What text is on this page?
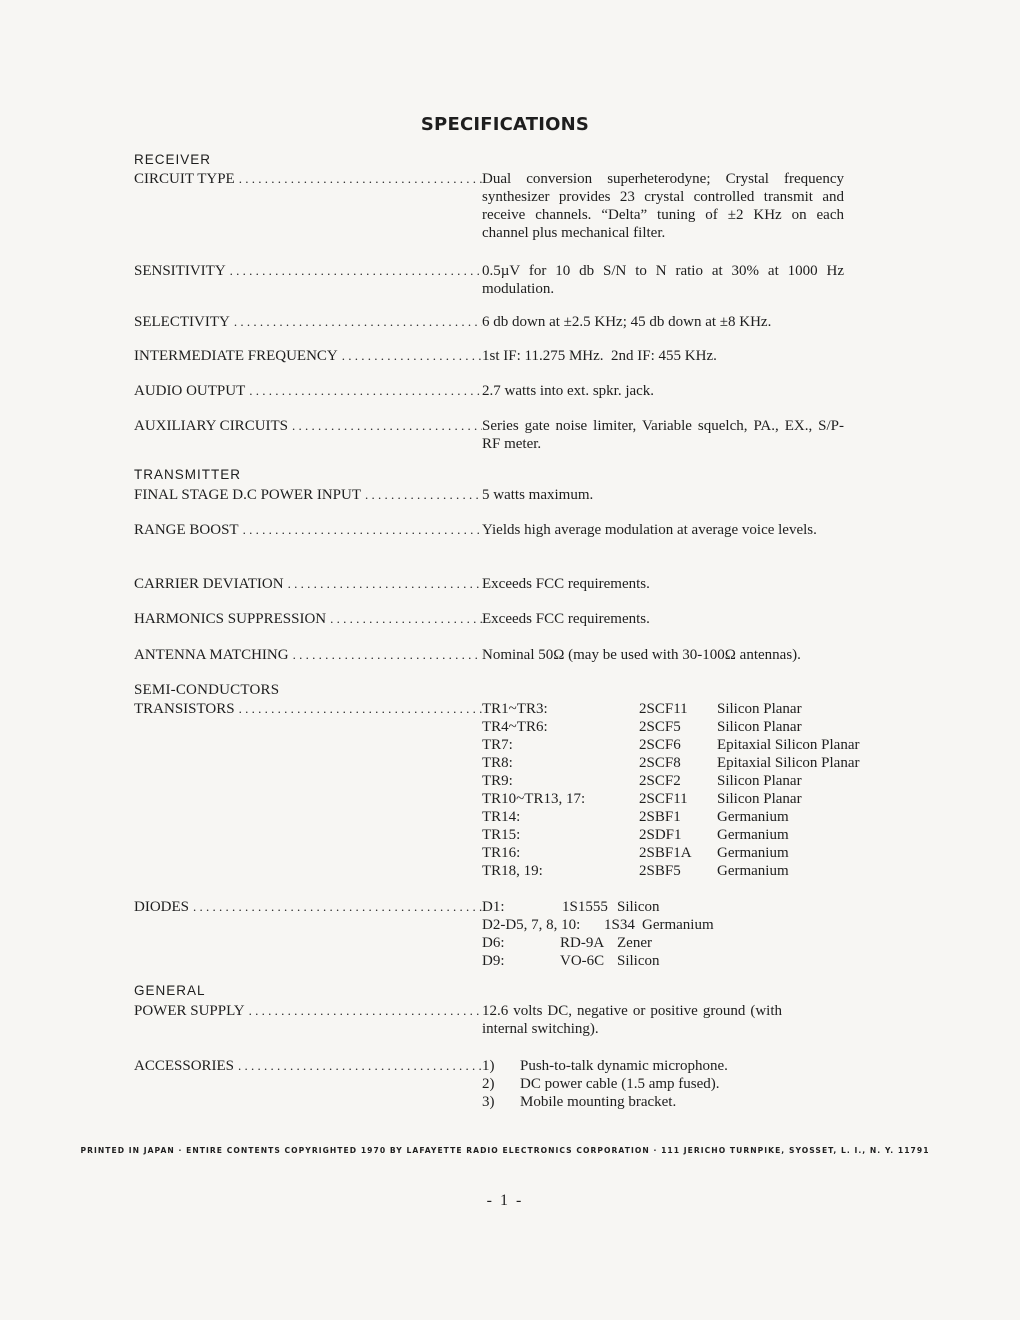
SPECIFICATIONS
RECEIVER
CIRCUIT TYPE . . .	Dual conversion superheterodyne; Crystal frequency synthesizer provides 23 crystal controlled transmit and receive channels. “Delta” tuning of ±2 KHz on each channel plus mechanical filter.
SENSITIVITY . . .	0.5µV for 10 db S/N to N ratio at 30% at 1000 Hz modulation.
SELECTIVITY . . .	6 db down at ±2.5 KHz; 45 db down at ±8 KHz.
INTERMEDIATE FREQUENCY . . .	1st IF: 11.275 MHz.  2nd IF: 455 KHz.
AUDIO OUTPUT . . .	2.7 watts into ext. spkr. jack.
AUXILIARY CIRCUITS . . .	Series gate noise limiter, Variable squelch, PA., EX., S/P-RF meter.
TRANSMITTER
FINAL STAGE D.C POWER INPUT . . .	5 watts maximum.
RANGE BOOST . . .	Yields high average modulation at average voice levels.
CARRIER DEVIATION . . .	Exceeds FCC requirements.
HARMONICS SUPPRESSION . . .	Exceeds FCC requirements.
ANTENNA MATCHING . . .	Nominal 50Ω (may be used with 30-100Ω antennas).
SEMI-CONDUCTORS
TRANSISTORS . . .	TR1~TR3:	2SCF11 Silicon Planar
TR4~TR6:	2SCF5 Silicon Planar
TR7:	2SCF6 Epitaxial Silicon Planar
TR8:	2SCF8 Epitaxial Silicon Planar
TR9:	2SCF2 Silicon Planar
TR10~TR13, 17:	2SCF11 Silicon Planar
TR14:	2SBF1 Germanium
TR15:	2SDF1 Germanium
TR16:	2SBF1A Germanium
TR18, 19:	2SBF5 Germanium
DIODES . . .	D1:	1S1555 Silicon
D2-D5, 7, 8, 10: 1S34 Germanium
D6:	RD-9A Zener
D9:	VO-6C Silicon
GENERAL
POWER SUPPLY . . .	12.6 volts DC, negative or positive ground (with internal switching).
ACCESSORIES . . .	1) Push-to-talk dynamic microphone.
2) DC power cable (1.5 amp fused).
3) Mobile mounting bracket.
PRINTED IN JAPAN · ENTIRE CONTENTS COPYRIGHTED 1970 BY LAFAYETTE RADIO ELECTRONICS CORPORATION · 111 JERICHO TURNPIKE, SYOSSET, L. I., N. Y. 11791
- 1 -
